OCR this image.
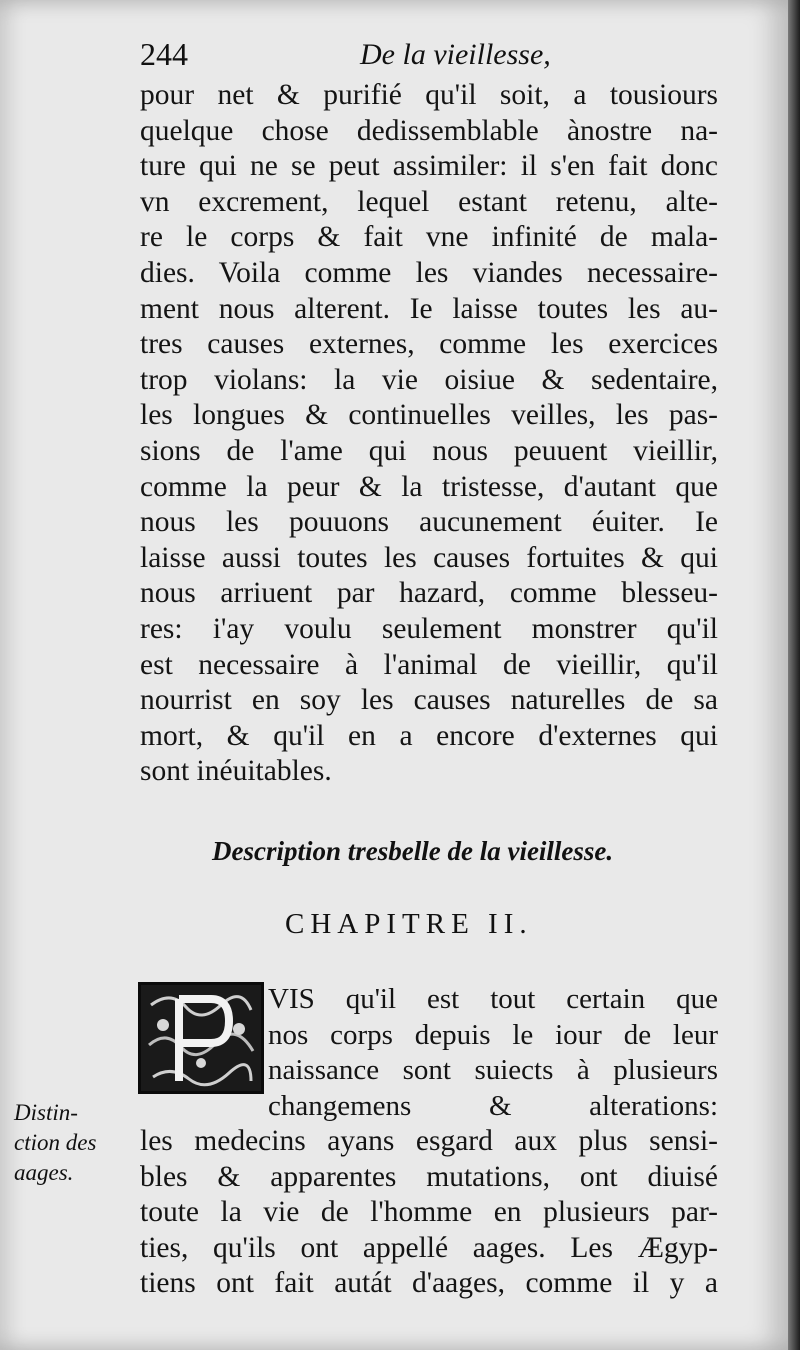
244	De la vieillesse,
pour net & purifié qu'il soit, a tousiours
quelque chose dedissemblable ànostre na-
ture qui ne se peut assimiler: il s'en fait donc
vn excrement, lequel estant retenu, alte-
re le corps & fait vne infinité de mala-
dies. Voila comme les viandes necessaire-
ment nous alterent. Ie laisse toutes les au-
tres causes externes, comme les exercices
trop violans: la vie oisiue & sedentaire,
les longues & continuelles veilles, les pas-
sions de l'ame qui nous peuuent vieillir,
comme la peur & la tristesse, d'autant que
nous les pouuons aucunement éuiter. Ie
laisse aussi toutes les causes fortuites & qui
nous arriuent par hazard, comme blesseu-
res: i'ay voulu seulement monstrer qu'il
est necessaire à l'animal de vieillir, qu'il
nourrist en soy les causes naturelles de sa
mort, & qu'il en a encore d'externes qui
sont inéuitables.
Description tresbelle de la vieillesse.
CHAPITRE II.
VIS qu'il est tout certain que
nos corps depuis le iour de leur
naissance sont suiects à plusieurs
changemens & alterations:
les medecins ayans esgard aux plus sensi-
bles & apparentes mutations, ont diuisé
toute la vie de l'homme en plusieurs par-
ties, qu'ils ont appellé aages. Les Ægyp-
tiens ont fait autát d'aages, comme il y a
Distin-
ction des
aages.
